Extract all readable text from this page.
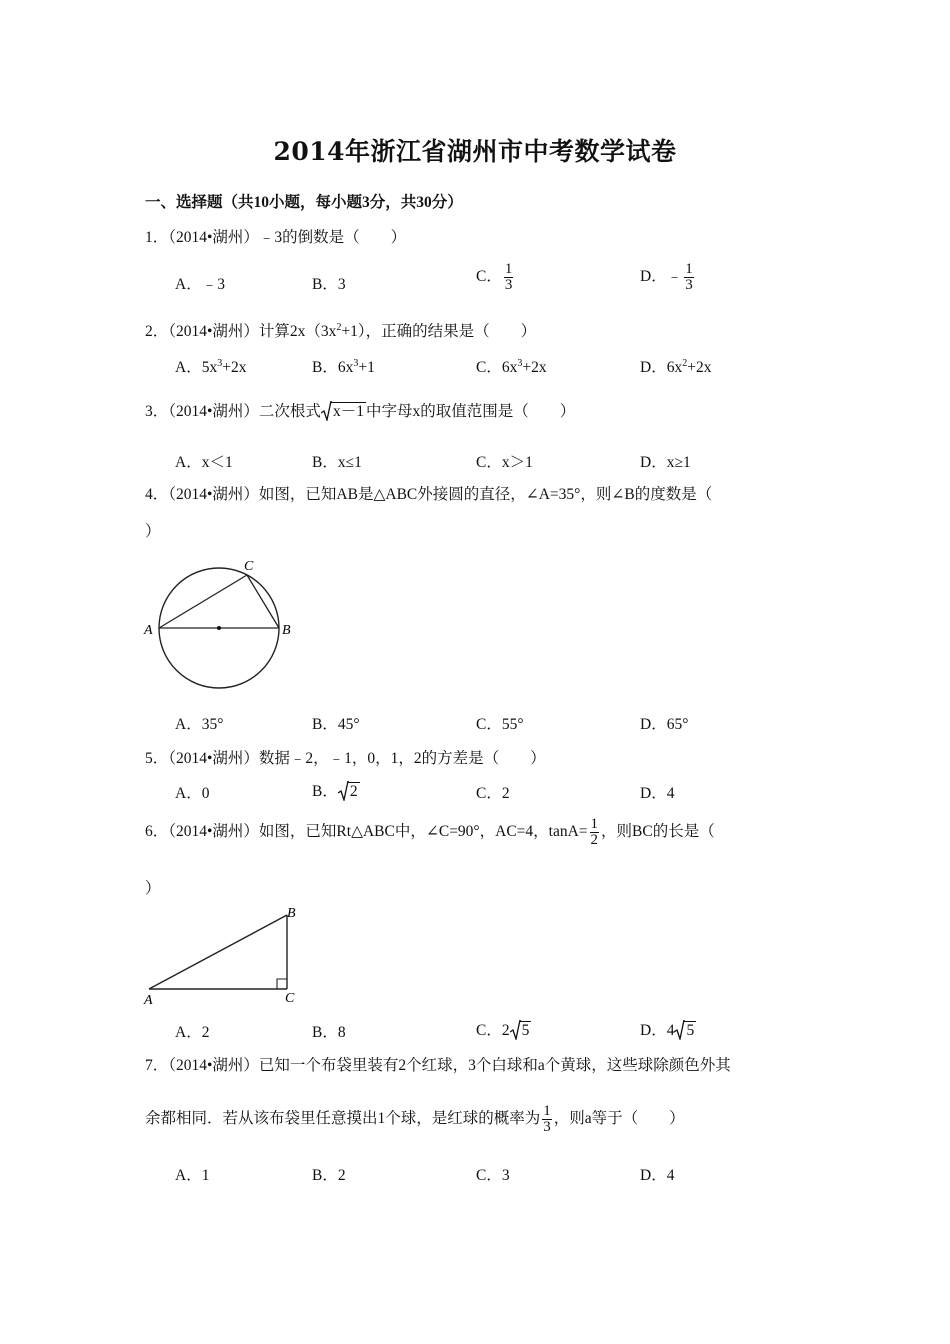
2014年浙江省湖州市中考数学试卷
一、选择题（共10小题，每小题3分，共30分）
1．（2014•湖州）﹣3的倒数是（　　）
A．﹣3	B．3	C． $\frac{1}{3}$	D．﹣ $\frac{1}{3}$
2．（2014•湖州）计算$2x(3x^2+1)$，正确的结果是（　　）
A．$5x^3+2x$	B．$6x^3+1$	C．$6x^3+2x$	D．$6x^2+2x$
3．（2014•湖州）二次根式 x－1 中字母x的取值范围是（　　）
A．x＜1	B．x≤1	C．x＞1	D．x≥1
4．（2014•湖州）如图，已知AB是△ABC外接圆的直径，∠A=35°，则∠B的度数是（
）
A	B
C
A．35°	B．45°	C．55°	D．65°
5．（2014•湖州）数据﹣2，﹣1，0，1，2的方差是（　　）
A．0	B． 2	C．2	D．4
6．（2014•湖州）如图，已知Rt△ABC中，∠C=90°，AC=4，$\tan A= \frac{1}{2}$ ，则BC的长是（
）
A	C
B
A．2	B．8	C．2 5	D．4 5
7．（2014•湖州）已知一个布袋里装有2个红球，3个白球和a个黄球，这些球除颜色外其
余都相同．若从该布袋里任意摸出1个球，是红球的概率为 $\frac{1}{3}$ ，则a等于（　　）
A．1	B．2	C．3	D．4
